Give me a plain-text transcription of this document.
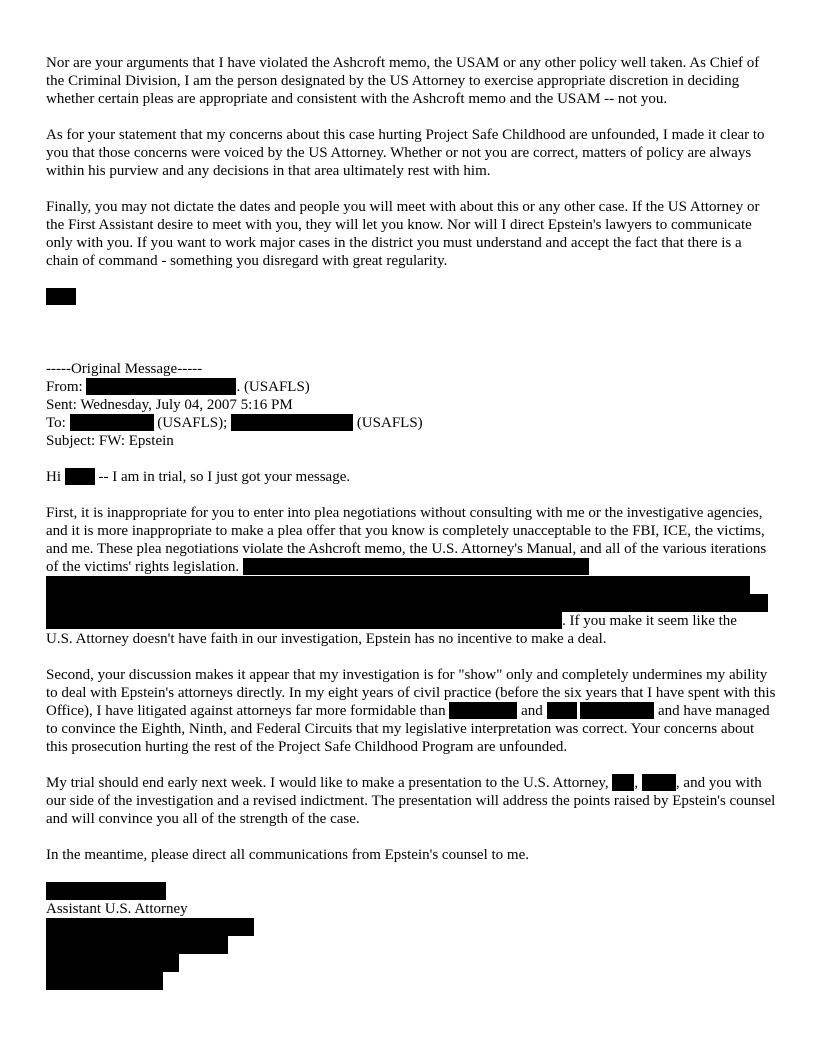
Nor are your arguments that I have violated the Ashcroft memo, the USAM or any other policy well taken. As Chief of the Criminal Division, I am the person designated by the US Attorney to exercise appropriate discretion in deciding whether certain pleas are appropriate and consistent with the Ashcroft memo and the USAM -- not you.

As for your statement that my concerns about this case hurting Project Safe Childhood are unfounded, I made it clear to you that those concerns were voiced by the US Attorney. Whether or not you are correct, matters of policy are always within his purview and any decisions in that area ultimately rest with him.

Finally, you may not dictate the dates and people you will meet with about this or any other case. If the US Attorney or the First Assistant desire to meet with you, they will let you know. Nor will I direct Epstein's lawyers to communicate only with you. If you want to work major cases in the district you must understand and accept the fact that there is a chain of command - something you disregard with great regularity.

-----Original Message-----
From:	. (USAFLS)
Sent: Wednesday, July 04, 2007 5:16 PM
To:	(USAFLS);	(USAFLS)
Subject: FW: Epstein

Hi  -- I am in trial, so I just got your message.

First, it is inappropriate for you to enter into plea negotiations without consulting with me or the investigative agencies, and it is more inappropriate to make a plea offer that you know is completely unacceptable to the FBI, ICE, the victims, and me. These plea negotiations violate the Ashcroft memo, the U.S. Attorney's Manual, and all of the various iterations of the victims' rights legislation.
. If you make it seem like the
U.S. Attorney doesn't have faith in our investigation, Epstein has no incentive to make a deal.

Second, your discussion makes it appear that my investigation is for "show" only and completely undermines my ability to deal with Epstein's attorneys directly. In my eight years of civil practice (before the six years that I have spent with this Office), I have litigated against attorneys far more formidable than	and	and have managed to convince the Eighth, Ninth, and Federal Circuits that my legislative interpretation was correct. Your concerns about this prosecution hurting the rest of the Project Safe Childhood Program are unfounded.

My trial should end early next week. I would like to make a presentation to the U.S. Attorney, ,	, and you with our side of the investigation and a revised indictment. The presentation will address the points raised by Epstein's counsel and will convince you all of the strength of the case.

In the meantime, please direct all communications from Epstein's counsel to me.

Assistant U.S. Attorney
